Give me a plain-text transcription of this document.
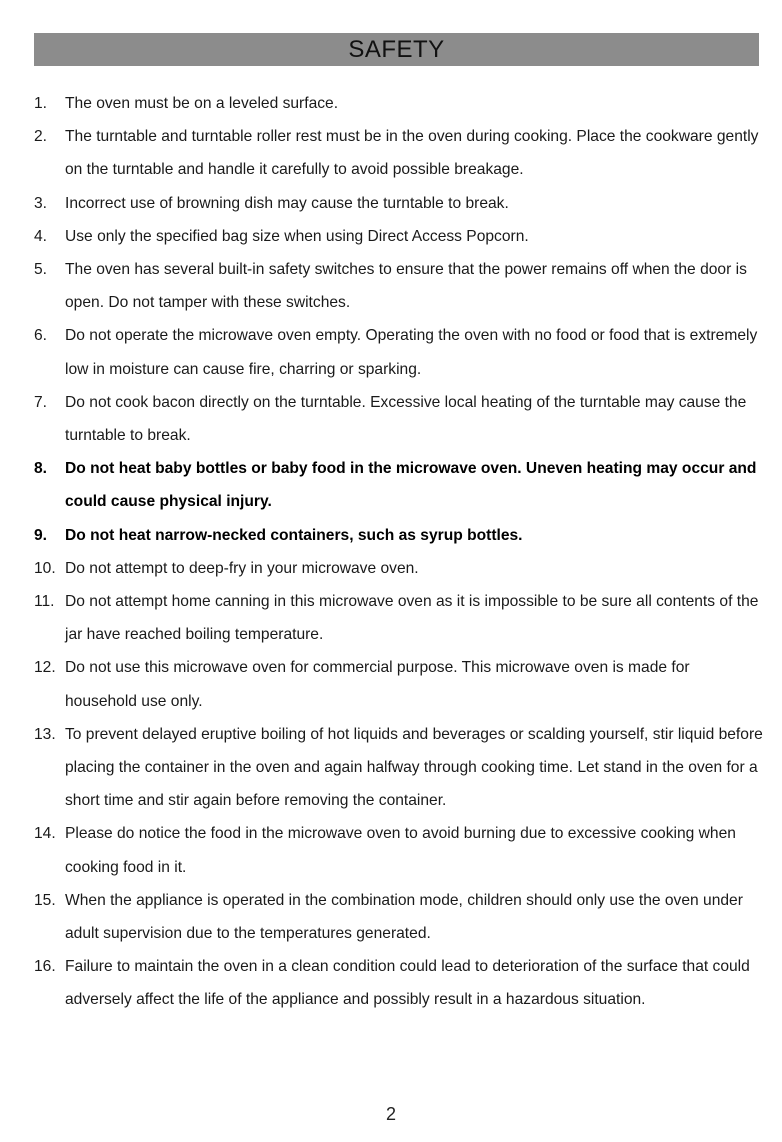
SAFETY
1.	The oven must be on a leveled surface.
2.	The turntable and turntable roller rest must be in the oven during cooking. Place the cookware gently on the turntable and handle it carefully to avoid possible breakage.
3.	Incorrect use of browning dish may cause the turntable to break.
4.	Use only the specified bag size when using Direct Access Popcorn.
5.	The oven has several built-in safety switches to ensure that the power remains off when the door is open. Do not tamper with these switches.
6.	Do not operate the microwave oven empty. Operating the oven with no food or food that is extremely low in moisture can cause fire, charring or sparking.
7.	Do not cook bacon directly on the turntable. Excessive local heating of the turntable may cause the turntable to break.
8.	Do not heat baby bottles or baby food in the microwave oven. Uneven heating may occur and could cause physical injury.
9.	Do not heat narrow-necked containers, such as syrup bottles.
10. Do not attempt to deep-fry in your microwave oven.
11. Do not attempt home canning in this microwave oven as it is impossible to be sure all contents of the jar have reached boiling temperature.
12. Do not use this microwave oven for commercial purpose. This microwave oven is made for household use only.
13. To prevent delayed eruptive boiling of hot liquids and beverages or scalding yourself, stir liquid before placing the container in the oven and again halfway through cooking time. Let stand in the oven for a short time and stir again before removing the container.
14. Please do notice the food in the microwave oven to avoid burning due to excessive cooking when cooking food in it.
15. When the appliance is operated in the combination mode, children should only use the oven under adult supervision due to the temperatures generated.
16. Failure to maintain the oven in a clean condition could lead to deterioration of the surface that could adversely affect the life of the appliance and possibly result in a hazardous situation.
2
